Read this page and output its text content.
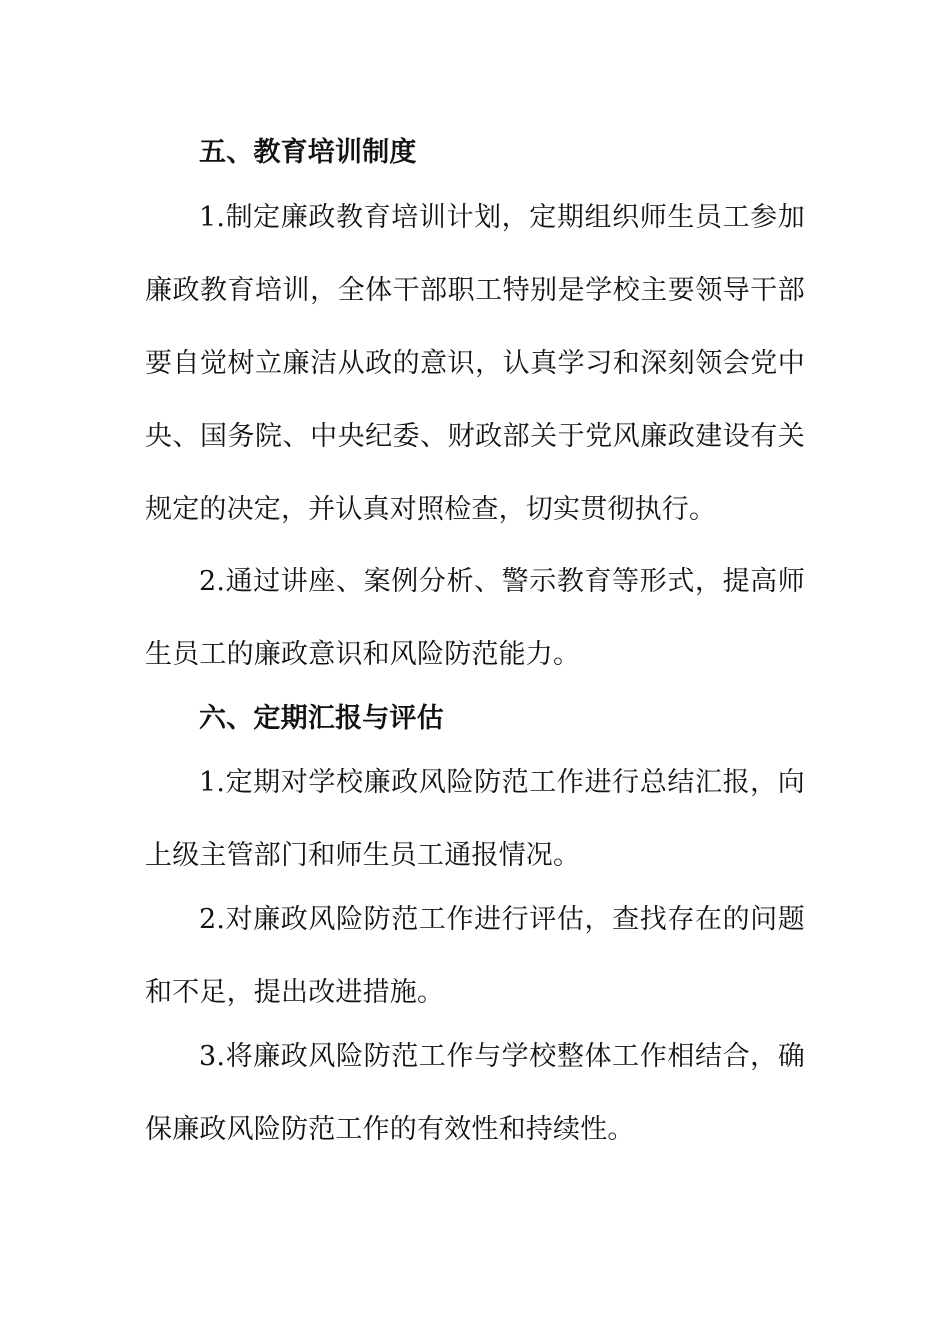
五、教育培训制度

1.制定廉政教育培训计划，定期组织师生员工参加廉政教育培训，全体干部职工特别是学校主要领导干部要自觉树立廉洁从政的意识，认真学习和深刻领会党中央、国务院、中央纪委、财政部关于党风廉政建设有关规定的决定，并认真对照检查，切实贯彻执行。

2.通过讲座、案例分析、警示教育等形式，提高师生员工的廉政意识和风险防范能力。

六、定期汇报与评估

1.定期对学校廉政风险防范工作进行总结汇报，向上级主管部门和师生员工通报情况。

2.对廉政风险防范工作进行评估，查找存在的问题和不足，提出改进措施。

3.将廉政风险防范工作与学校整体工作相结合，确保廉政风险防范工作的有效性和持续性。
